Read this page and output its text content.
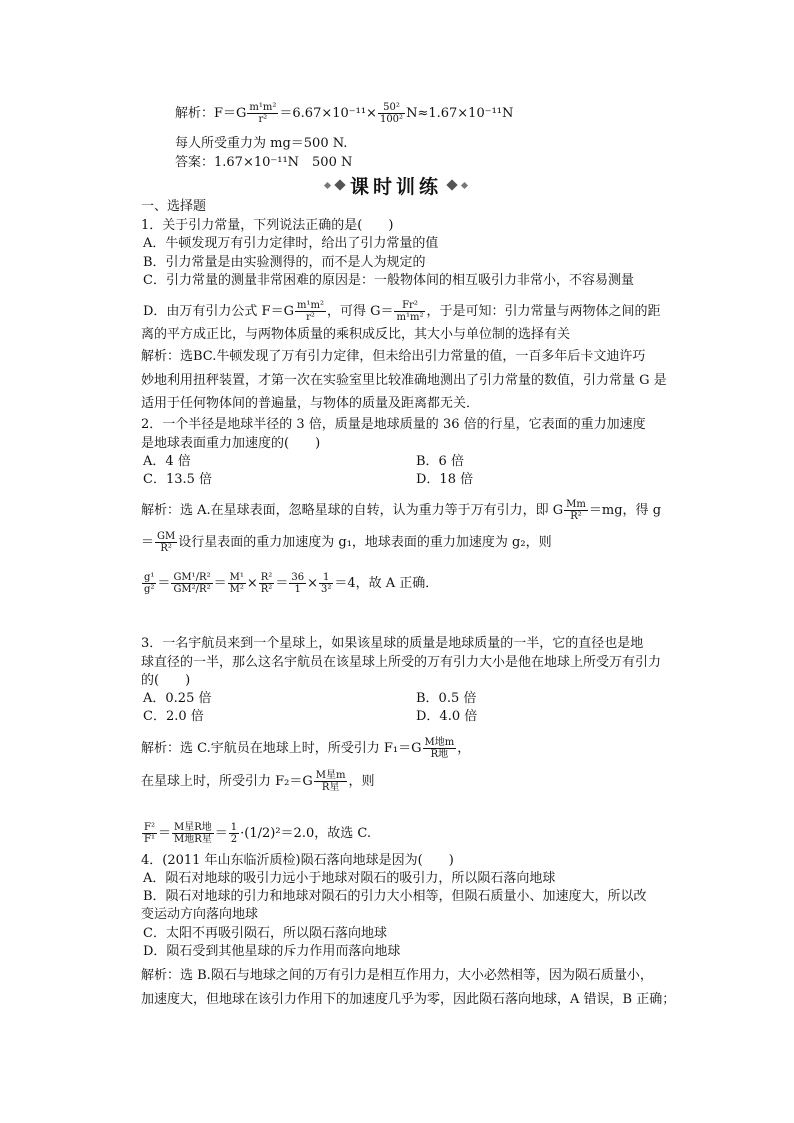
解析：$F=G \frac{\text{m¹m²}}{\text{r²}} =6.67\times 10^{-11}\times \frac{\text{50²}}{\text{100²}} N\approx 1.67\times 10^{-11}N$
每人所受重力为 mg＝500 N.
答案：1.67×10⁻¹¹N　500 N
课时训练
一、选择题
1．关于引力常量，下列说法正确的是(　　)
A．牛顿发现万有引力定律时，给出了引力常量的值
B．引力常量是由实验测得的，而不是人为规定的
C．引力常量的测量非常困难的原因是：一般物体间的相互吸引力非常小，不容易测量
D．由万有引力公式 $F=G \frac{\text{m¹m²}}{\text{r²}}$ ，可得 $G= \frac{\text{Fr²}}{\text{m¹m²}}$ ，于是可知：引力常量与两物体之间的距
离的平方成正比，与两物体质量的乘积成反比，其大小与单位制的选择有关
解析：选BC.牛顿发现了万有引力定律，但未给出引力常量的值，一百多年后卡文迪许巧
妙地利用扭秤装置，才第一次在实验室里比较准确地测出了引力常量的数值，引力常量 G 是
适用于任何物体间的普遍量，与物体的质量及距离都无关．
2．一个半径是地球半径的 3 倍，质量是地球质量的 36 倍的行星，它表面的重力加速度
是地球表面重力加速度的(　　)
A．4 倍	B．6 倍
C．13.5 倍	D．18 倍
解析：选 A.在星球表面，忽略星球的自转，认为重力等于万有引力，即 G $\frac{Mm}{\text{R²}} =mg$，得 g
＝ $\frac{GM}{\text{R²}}$ 设行星表面的重力加速度为 g₁，地球表面的重力加速度为 g₂，则
$\frac{\text{g¹}}{\text{g²}} = \frac{\text{GM¹/R²}}{\text{GM²/R²}} = \frac{\text{M¹}}{\text{M²}} \times \frac{\text{R²}}{\text{R²}} = \frac{36}{1} \times \frac{1}{\text{3²}} =4$，故 A 正确．
3．一名宇航员来到一个星球上，如果该星球的质量是地球质量的一半，它的直径也是地
球直径的一半，那么这名宇航员在该星球上所受的万有引力大小是他在地球上所受万有引力
的(　　)
A．0.25 倍	B．0.5 倍
C．2.0 倍	D．4.0 倍
解析：选 C.宇航员在地球上时，所受引力 $F_1=G \frac{\text{M地m}}{\text{R地}}$ ，
在星球上时，所受引力 $F_2=G \frac{\text{M星m}}{\text{R星}}$ ，则
$\frac{\text{F²}}{\text{F¹}} = \frac{\text{M星R地}}{\text{M地R星}} = \frac{1}{2} \cdot(1/2)^2=2.0$，故选 C.
4．(2011 年山东临沂质检)陨石落向地球是因为(　　)
A．陨石对地球的吸引力远小于地球对陨石的吸引力，所以陨石落向地球
B．陨石对地球的引力和地球对陨石的引力大小相等，但陨石质量小、加速度大，所以改
变运动方向落向地球
C．太阳不再吸引陨石，所以陨石落向地球
D．陨石受到其他星球的斥力作用而落向地球
解析：选 B.陨石与地球之间的万有引力是相互作用力，大小必然相等，因为陨石质量小，
加速度大，但地球在该引力作用下的加速度几乎为零，因此陨石落向地球，A 错误，B 正确；
